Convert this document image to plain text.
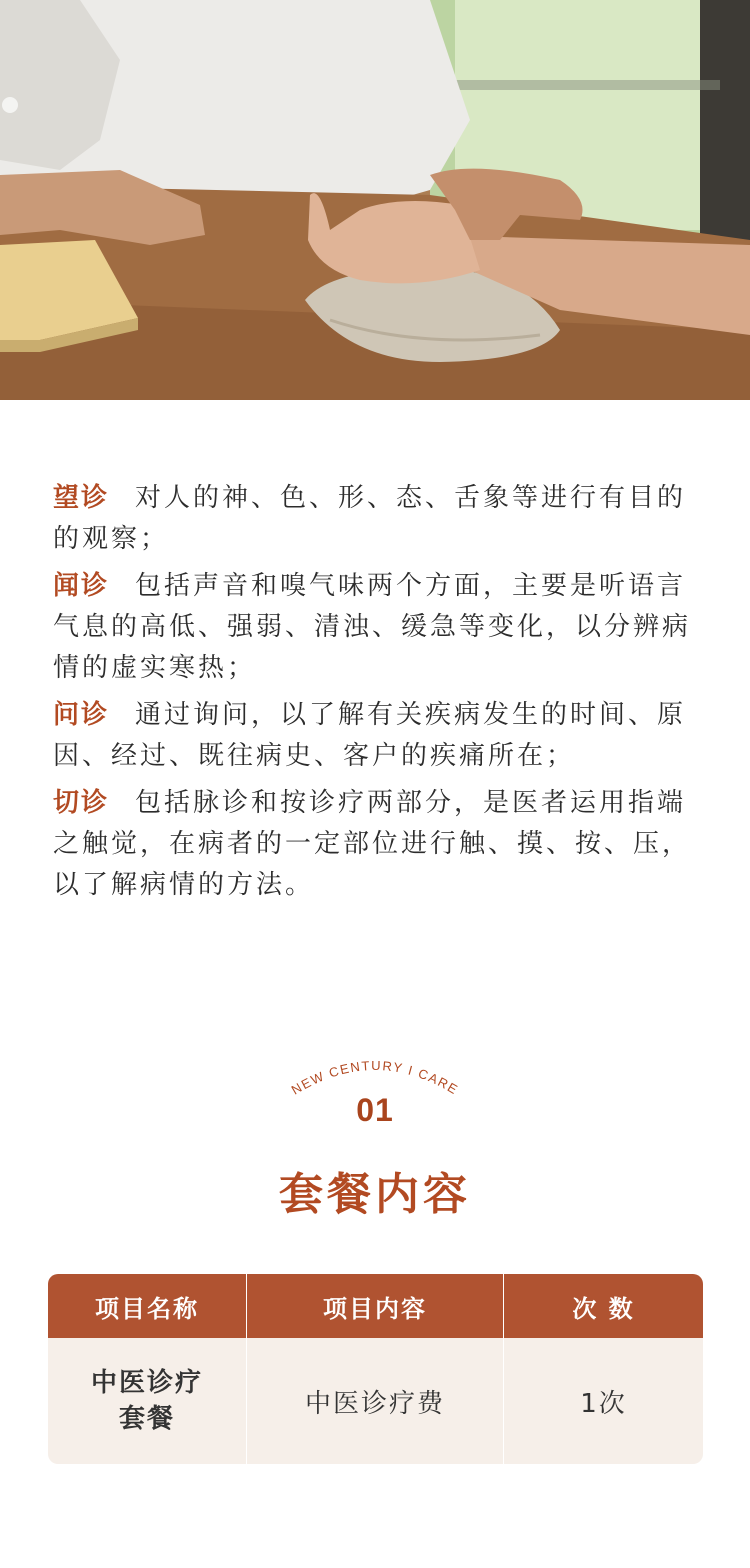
望诊 对人的神、色、形、态、舌象等进行有目的的观察；

闻诊 包括声音和嗅气味两个方面，主要是听语言气息的高低、强弱、清浊、缓急等变化，以分辨病情的虚实寒热；

问诊 通过询问，以了解有关疾病发生的时间、原因、经过、既往病史、客户的疾痛所在；

切诊 包括脉诊和按诊疗两部分，是医者运用指端之触觉，在病者的一定部位进行触、摸、按、压，以了解病情的方法。

NEW CENTURY I CARE
01
套餐内容
项目名称	项目内容	次 数
中医诊疗
套餐
中医诊疗费	1次
